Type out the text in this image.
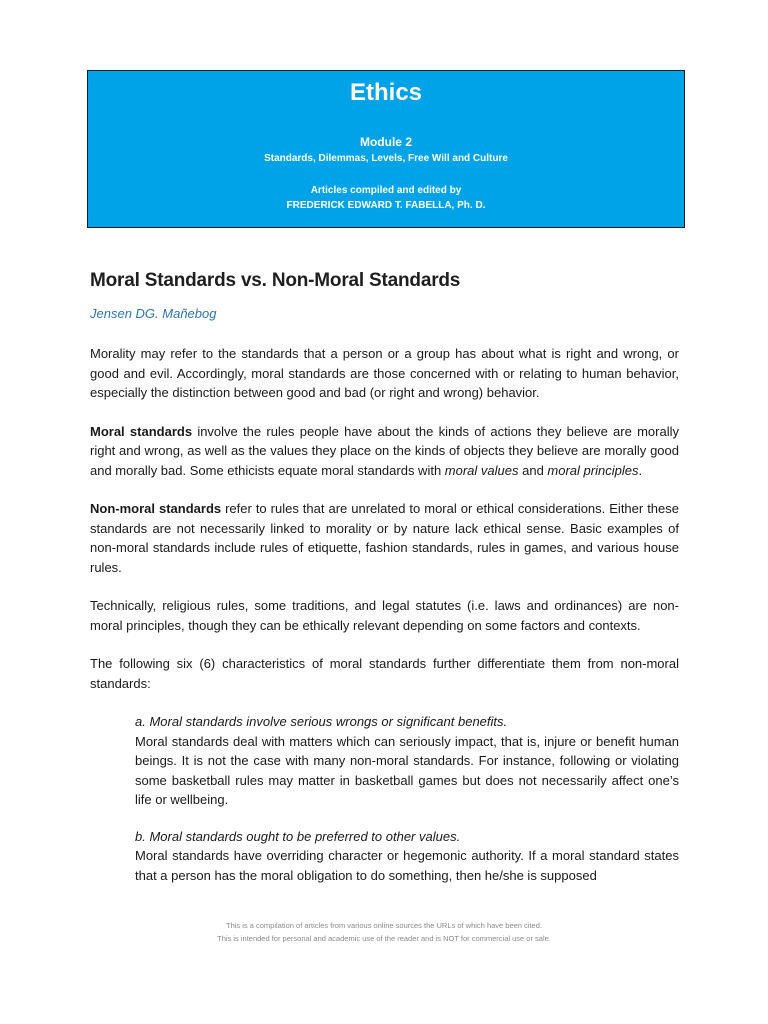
Ethics
Module 2
Standards, Dilemmas, Levels, Free Will and Culture
Articles compiled and edited by
FREDERICK EDWARD T. FABELLA, Ph. D.
Moral Standards vs. Non-Moral Standards
Jensen DG. Mañebog

Morality may refer to the standards that a person or a group has about what is right and wrong, or good and evil. Accordingly, moral standards are those concerned with or relating to human behavior, especially the distinction between good and bad (or right and wrong) behavior.

Moral standards involve the rules people have about the kinds of actions they believe are morally right and wrong, as well as the values they place on the kinds of objects they believe are morally good and morally bad. Some ethicists equate moral standards with moral values and moral principles.

Non-moral standards refer to rules that are unrelated to moral or ethical considerations. Either these standards are not necessarily linked to morality or by nature lack ethical sense. Basic examples of non-moral standards include rules of etiquette, fashion standards, rules in games, and various house rules.

Technically, religious rules, some traditions, and legal statutes (i.e. laws and ordinances) are non-moral principles, though they can be ethically relevant depending on some factors and contexts.

The following six (6) characteristics of moral standards further differentiate them from non-moral standards:

a. Moral standards involve serious wrongs or significant benefits.
Moral standards deal with matters which can seriously impact, that is, injure or benefit human beings. It is not the case with many non-moral standards. For instance, following or violating some basketball rules may matter in basketball games but does not necessarily affect one’s life or wellbeing.

b. Moral standards ought to be preferred to other values.
Moral standards have overriding character or hegemonic authority. If a moral standard states that a person has the moral obligation to do something, then he/she is supposed

This is a compilation of articles from various online sources the URLs of which have been cited.
This is intended for personal and academic use of the reader and is NOT for commercial use or sale.
